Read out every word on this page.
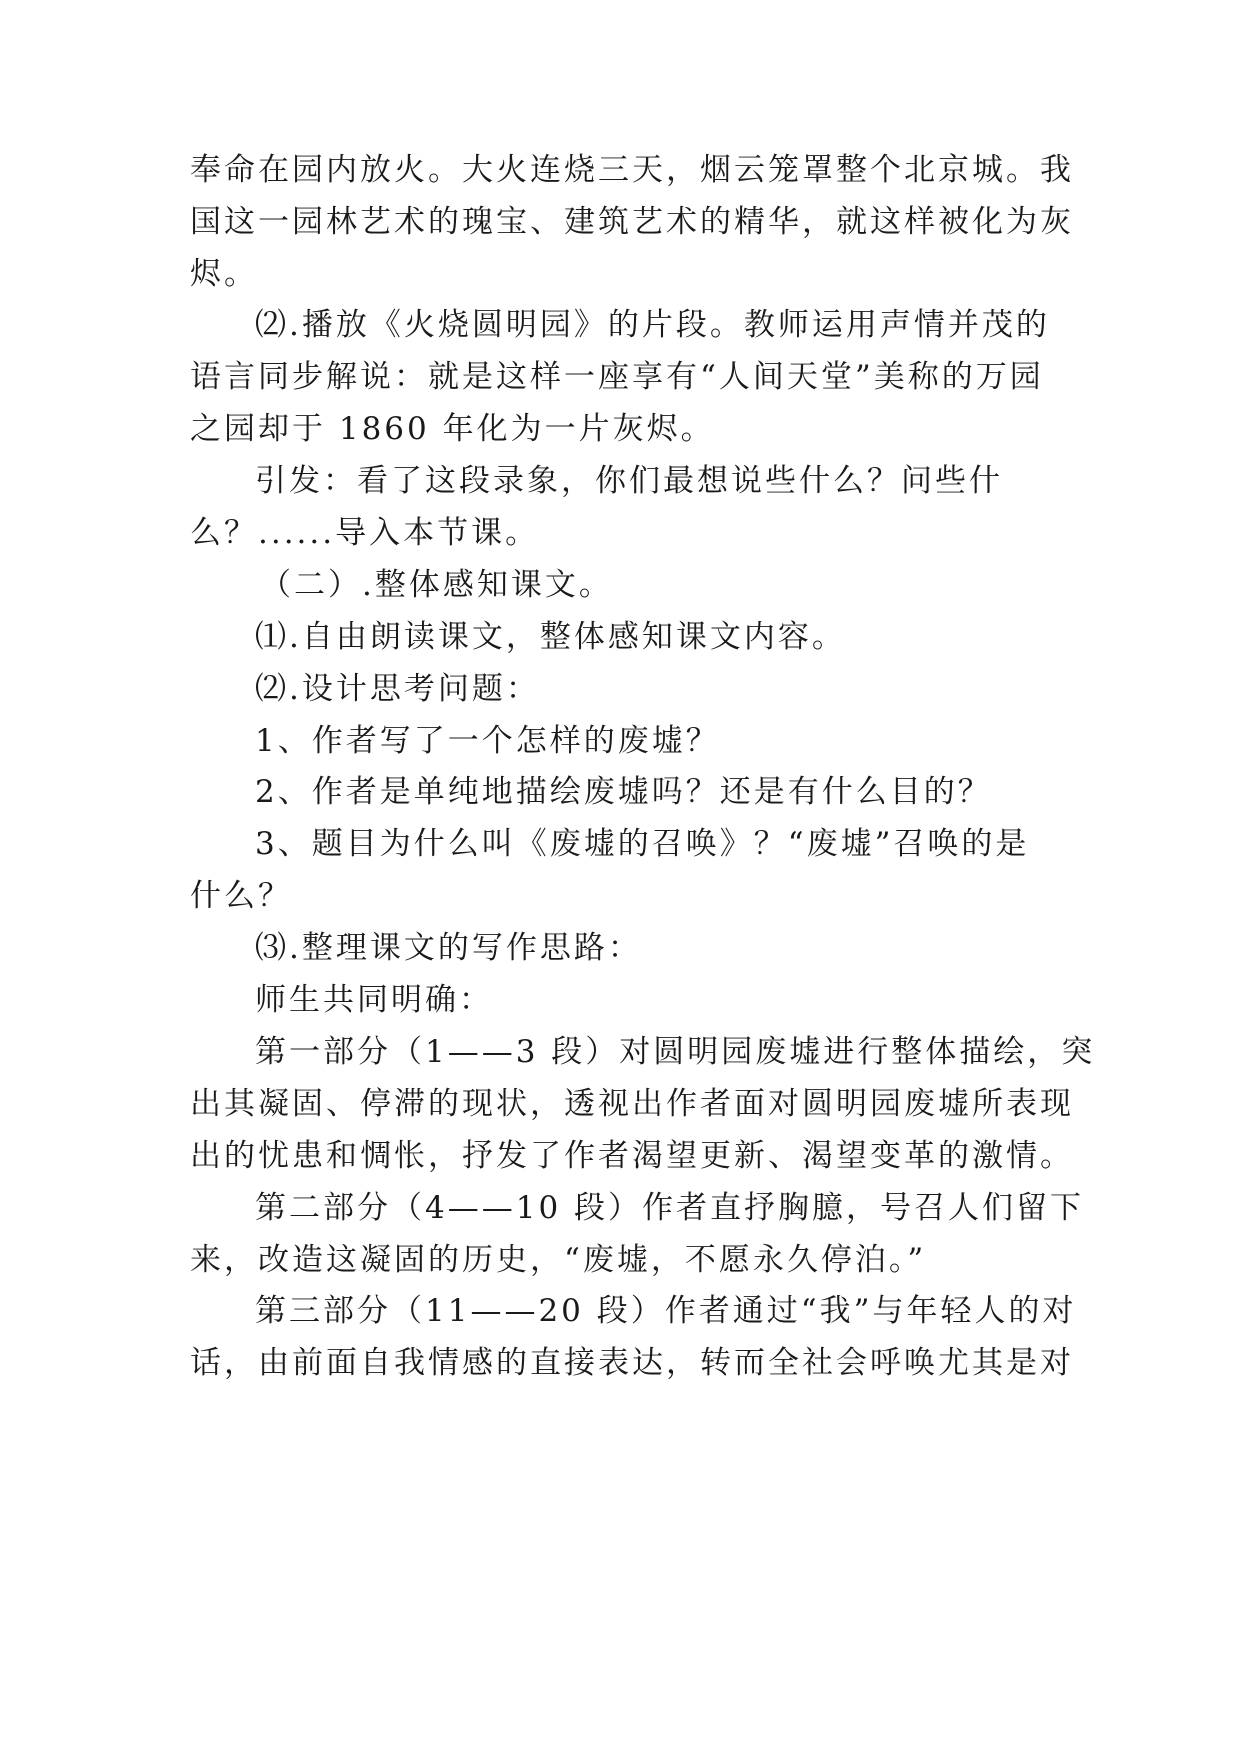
奉命在园内放火。大火连烧三天，烟云笼罩整个北京城。我
国这一园林艺术的瑰宝、建筑艺术的精华，就这样被化为灰
烬。
⑵.播放《火烧圆明园》的片段。教师运用声情并茂的
语言同步解说：就是这样一座享有“人间天堂”美称的万园
之园却于 1860 年化为一片灰烬。
引发：看了这段录象，你们最想说些什么？问些什
么？......导入本节课。
（二）.整体感知课文。
⑴.自由朗读课文，整体感知课文内容。
⑵.设计思考问题：
1、作者写了一个怎样的废墟？
2、作者是单纯地描绘废墟吗？还是有什么目的？
3、题目为什么叫《废墟的召唤》？“废墟”召唤的是
什么？
⑶.整理课文的写作思路：
师生共同明确：
第一部分（1——3 段）对圆明园废墟进行整体描绘，突
出其凝固、停滞的现状，透视出作者面对圆明园废墟所表现
出的忧患和惆怅，抒发了作者渴望更新、渴望变革的激情。
第二部分（4——10 段）作者直抒胸臆，号召人们留下
来，改造这凝固的历史，“废墟，不愿永久停泊。”
第三部分（11——20 段）作者通过“我”与年轻人的对
话，由前面自我情感的直接表达，转而全社会呼唤尤其是对
